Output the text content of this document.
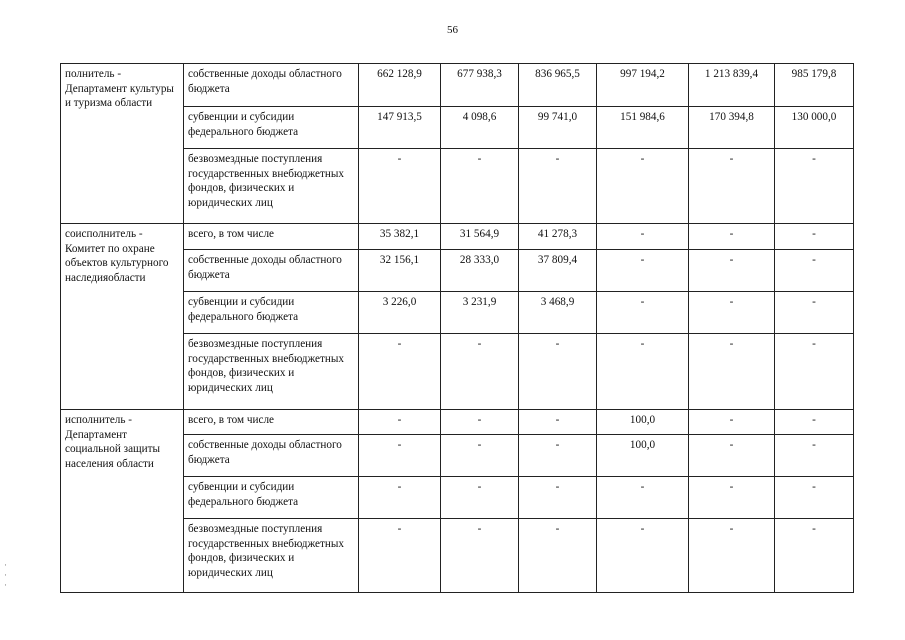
56
полнитель - Департамент культуры и туризма области	собственные доходы областного бюджета	662 128,9	677 938,3	836 965,5	997 194,2	1 213 839,4	985 179,8
	субвенции и субсидии федерального бюджета	147 913,5	4 098,6	99 741,0	151 984,6	170 394,8	130 000,0
	безвозмездные поступления государственных внебюджетных фондов, физических и юридических лиц	-	-	-	-	-	-
соисполнитель - Комитет по охране объектов культурного наследияобласти	всего, в том числе	35 382,1	31 564,9	41 278,3	-	-	-
	собственные доходы областного бюджета	32 156,1	28 333,0	37 809,4	-	-	-
	субвенции и субсидии федерального бюджета	3 226,0	3 231,9	3 468,9	-	-	-
	безвозмездные поступления государственных внебюджетных фондов, физических и юридических лиц	-	-	-	-	-	-
исполнитель - Департамент социальной защиты населения области	всего, в том числе	-	-	-	100,0	-	-
	собственные доходы областного бюджета	-	-	-	100,0	-	-
	субвенции и субсидии федерального бюджета	-	-	-	-	-	-
	безвозмездные поступления государственных внебюджетных фондов, физических и юридических лиц	-	-	-	-	-	-
·
·
·
